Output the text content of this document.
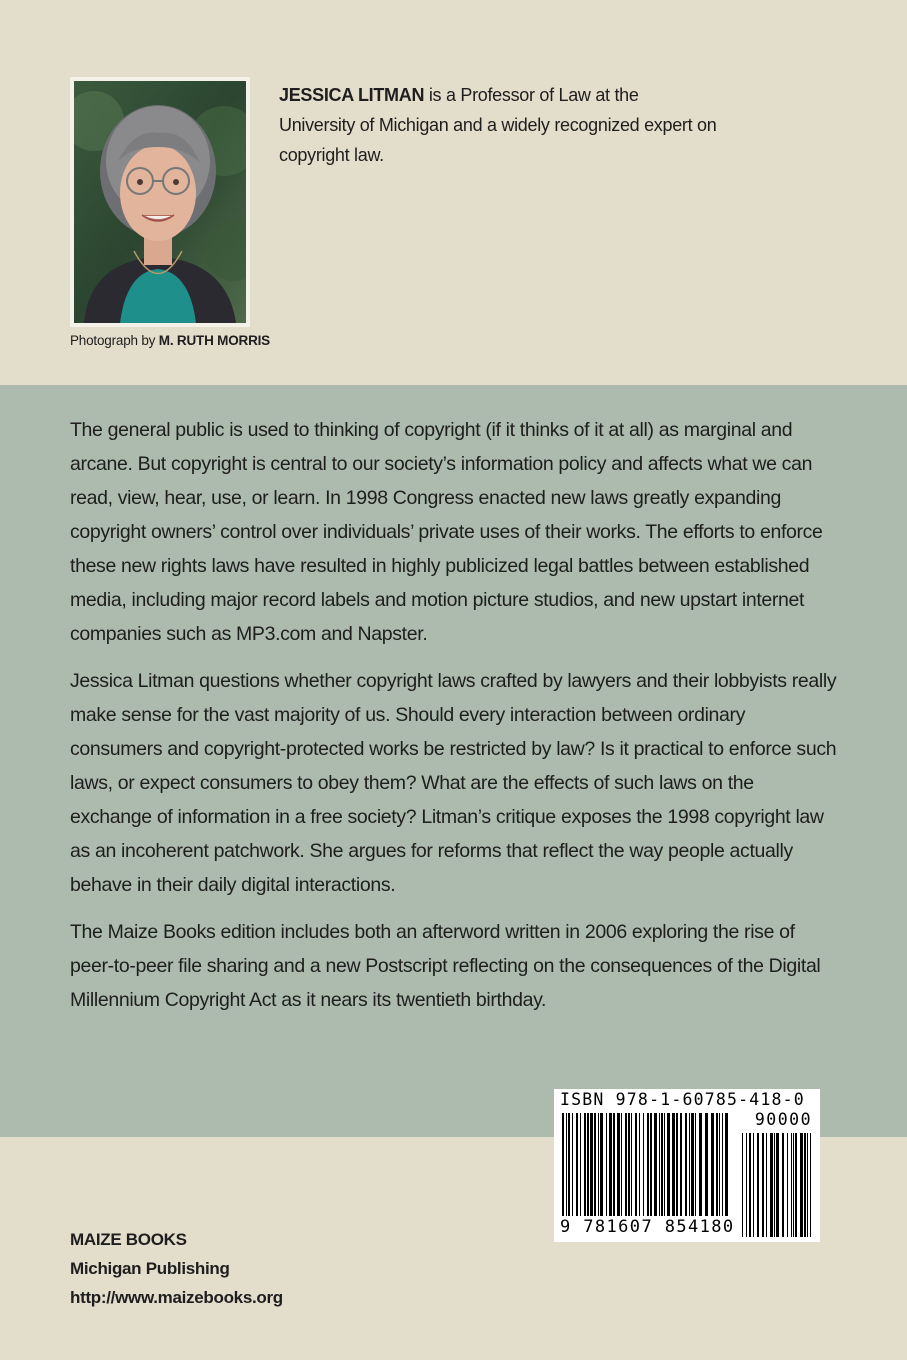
JESSICA LITMAN is a Professor of Law at the University of Michigan and a widely recognized expert on copyright law.

Photograph by M. RUTH MORRIS

The general public is used to thinking of copyright (if it thinks of it at all) as marginal and arcane. But copyright is central to our society’s information policy and affects what we can read, view, hear, use, or learn. In 1998 Congress enacted new laws greatly expanding copyright owners’ control over individuals’ private uses of their works. The efforts to enforce these new rights laws have resulted in highly publicized legal battles between established media, including major record labels and motion picture studios, and new upstart internet companies such as MP3.com and Napster.

Jessica Litman questions whether copyright laws crafted by lawyers and their lobbyists really make sense for the vast majority of us. Should every interaction between ordinary consumers and copyright-protected works be restricted by law? Is it practical to enforce such laws, or expect consumers to obey them? What are the effects of such laws on the exchange of information in a free society? Litman’s critique exposes the 1998 copyright law as an incoherent patchwork. She argues for reforms that reflect the way people actually behave in their daily digital interactions.

The Maize Books edition includes both an afterword written in 2006 exploring the rise of peer-to-peer file sharing and a new Postscript reflecting on the consequences of the Digital Millennium Copyright Act as it nears its twentieth birthday.

ISBN 978-1-60785-418-0
90000
9 781607 854180
MAIZE BOOKS
Michigan Publishing
http://www.maizebooks.org
